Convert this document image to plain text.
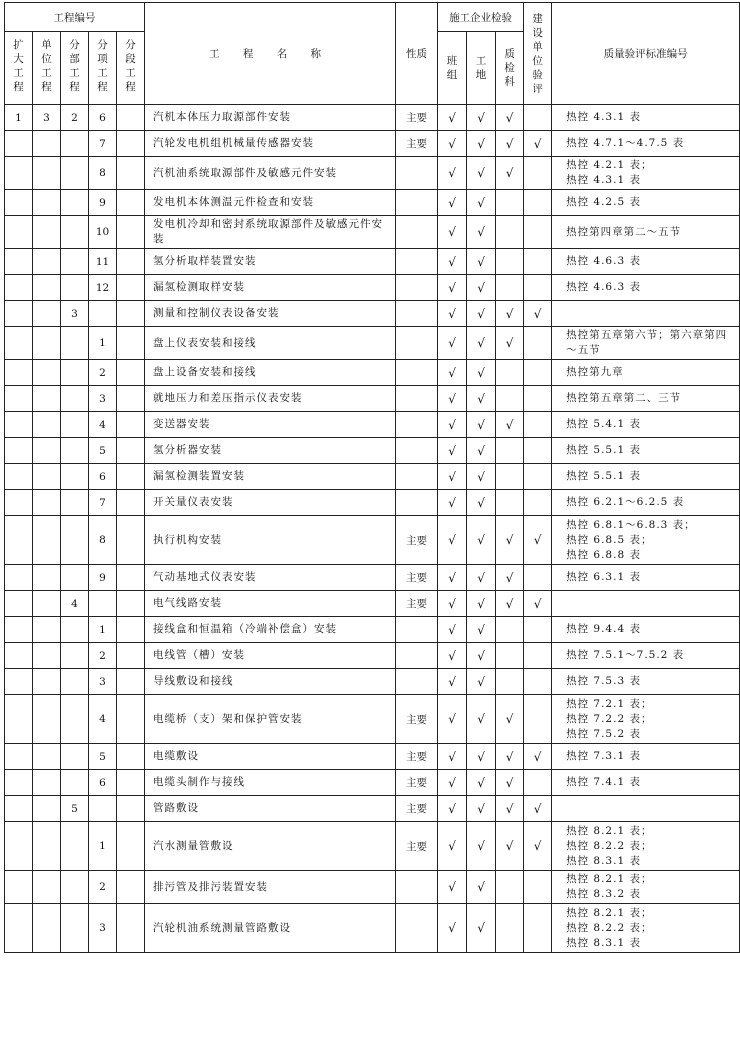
工程编号					工 程 名 称	性质	施工企业检验			建设单位验评	质量验评标准编号
扩大工程	单位工程	分部工程	分项工程	分段工程			班组	工地	质检科		
1	3	2	6		汽机本体压力取源部件安装	主要	√	√	√		热控 4.3.1 表
			7		汽轮发电机组机械量传感器安装	主要	√	√	√	√	热控 4.7.1～4.7.5 表
			8		汽机油系统取源部件及敏感元件安装		√	√	√		热控 4.2.1 表；
热控 4.3.1 表
			9		发电机本体测温元件检查和安装		√	√			热控 4.2.5 表
			10		发电机冷却和密封系统取源部件及敏感元件安装		√	√			热控第四章第二～五节
			11		氢分析取样装置安装		√	√			热控 4.6.3 表
			12		漏氢检测取样安装		√	√			热控 4.6.3 表
		3			测量和控制仪表设备安装		√	√	√	√	
			1		盘上仪表安装和接线		√	√	√		热控第五章第六节；第六章第四～五节
			2		盘上设备安装和接线		√	√			热控第九章
			3		就地压力和差压指示仪表安装		√	√			热控第五章第二、三节
			4		变送器安装		√	√	√		热控 5.4.1 表
			5		氢分析器安装		√	√			热控 5.5.1 表
			6		漏氢检测装置安装		√	√			热控 5.5.1 表
			7		开关量仪表安装		√	√			热控 6.2.1～6.2.5 表
			8		执行机构安装	主要	√	√	√	√	热控 6.8.1～6.8.3 表；
热控 6.8.5 表；
热控 6.8.8 表
			9		气动基地式仪表安装	主要	√	√	√		热控 6.3.1 表
		4			电气线路安装	主要	√	√	√	√	
			1		接线盒和恒温箱（冷端补偿盒）安装		√	√			热控 9.4.4 表
			2		电线管（槽）安装		√	√			热控 7.5.1～7.5.2 表
			3		导线敷设和接线		√	√			热控 7.5.3 表
			4		电缆桥（支）架和保护管安装	主要	√	√	√		热控 7.2.1 表；
热控 7.2.2 表；
热控 7.5.2 表
			5		电缆敷设	主要	√	√	√	√	热控 7.3.1 表
			6		电缆头制作与接线	主要	√	√	√		热控 7.4.1 表
		5			管路敷设	主要	√	√	√	√	
			1		汽水测量管敷设	主要	√	√	√	√	热控 8.2.1 表；
热控 8.2.2 表；
热控 8.3.1 表
			2		排污管及排污装置安装		√	√			热控 8.2.1 表；
热控 8.3.2 表
			3		汽轮机油系统测量管路敷设		√	√			热控 8.2.1 表；
热控 8.2.2 表；
热控 8.3.1 表
